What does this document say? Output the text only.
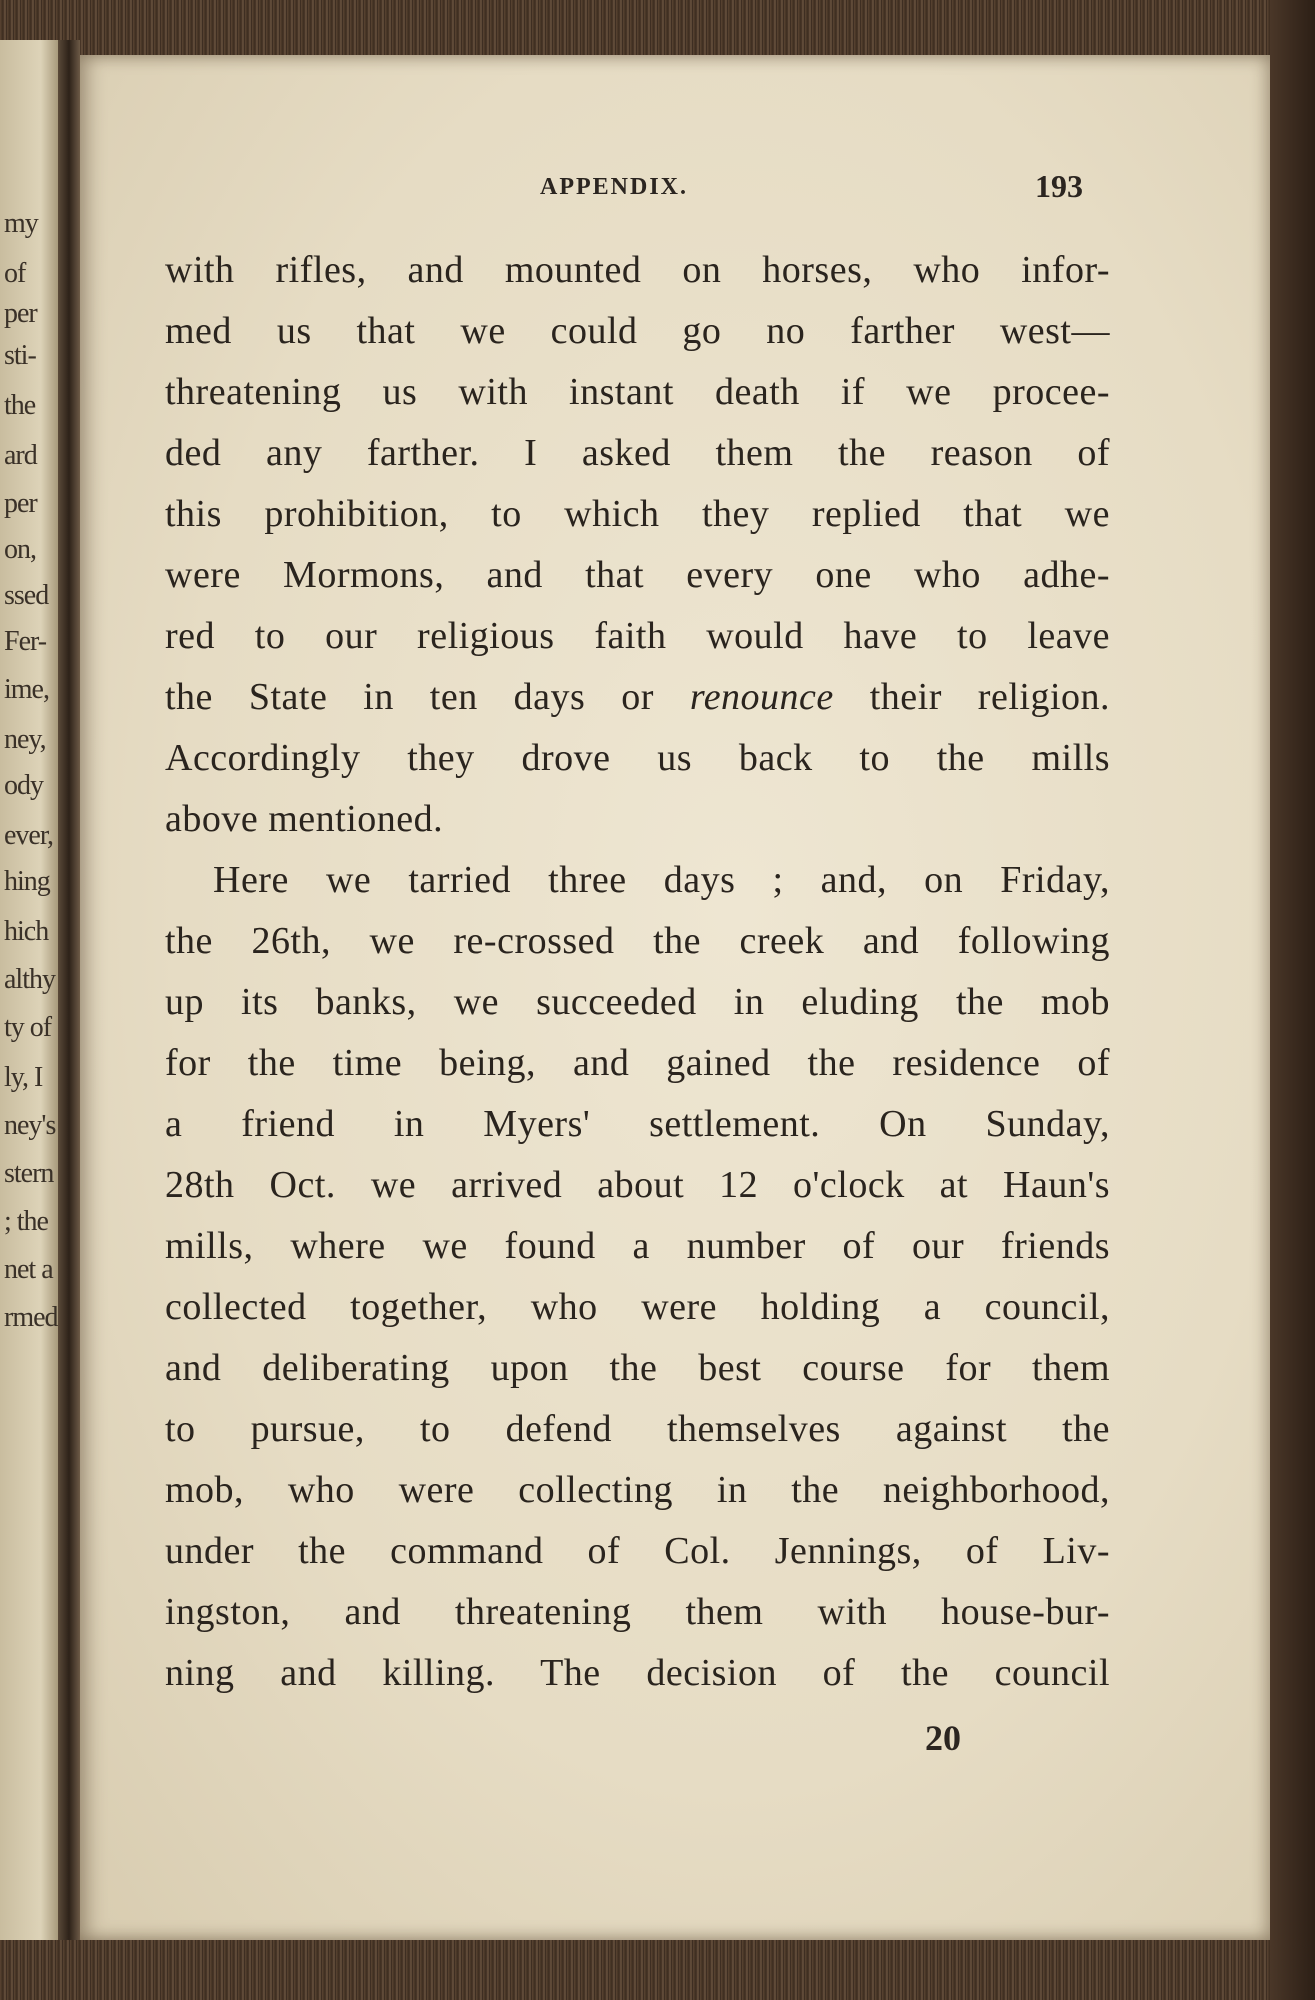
my
of
per
sti-
the
ard
per
on,
ssed
Fer-
ime,
ney,
ody
ever,
hing
hich
althy
ty of
ly, I
ney's
stern
; the
net a
rmed
APPENDIX.	193
with rifles, and mounted on horses, who infor-
med us that we could go no farther west—
threatening us with instant death if we procee-
ded any farther. I asked them the reason of
this prohibition, to which they replied that we
were Mormons, and that every one who adhe-
red to our religious faith would have to leave
the State in ten days or renounce their religion.
Accordingly they drove us back to the mills
above mentioned.
Here we tarried three days ; and, on Friday,
the 26th, we re-crossed the creek and following
up its banks, we succeeded in eluding the mob
for the time being, and gained the residence of
a friend in Myers' settlement. On Sunday,
28th Oct. we arrived about 12 o'clock at Haun's
mills, where we found a number of our friends
collected together, who were holding a council,
and deliberating upon the best course for them
to pursue, to defend themselves against the
mob, who were collecting in the neighborhood,
under the command of Col. Jennings, of Liv-
ingston, and threatening them with house-bur-
ning and killing. The decision of the council
20
